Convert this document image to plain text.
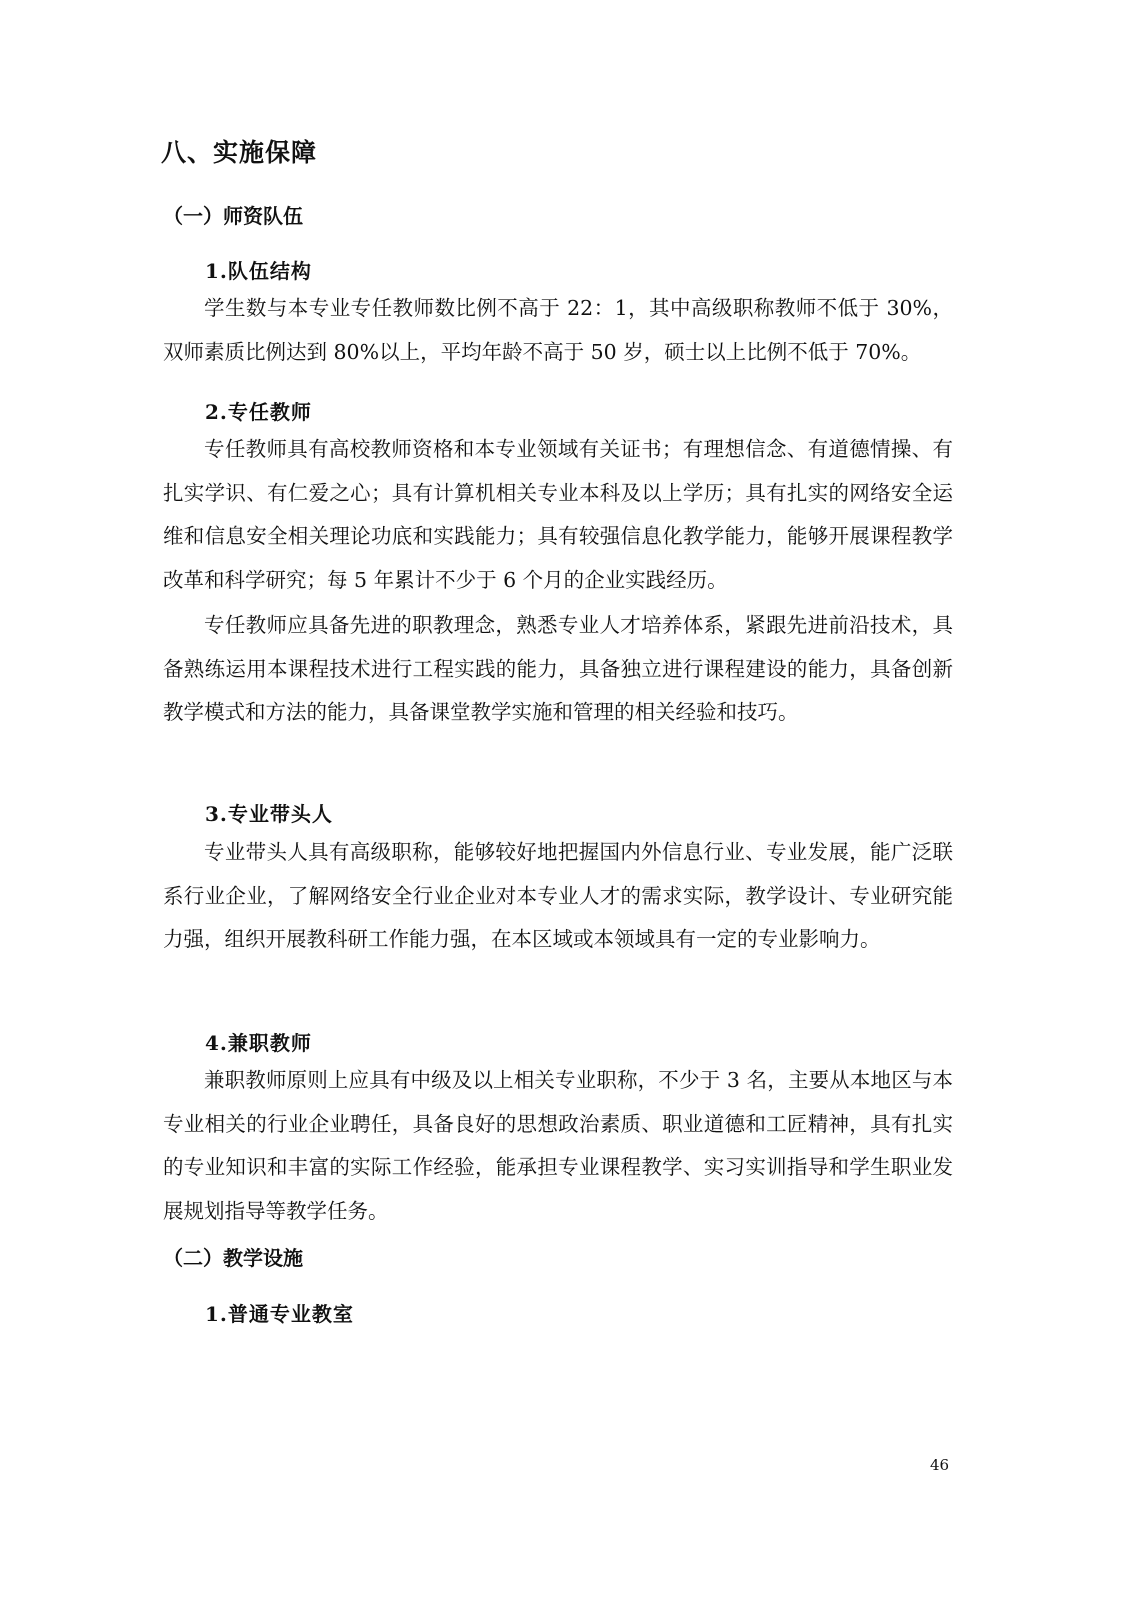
八、实施保障
（一）师资队伍
1.队伍结构

学生数与本专业专任教师数比例不高于 22：1，其中高级职称教师不低于 30%，双师素质比例达到 80%以上，平均年龄不高于 50 岁，硕士以上比例不低于 70%。

2.专任教师

专任教师具有高校教师资格和本专业领域有关证书；有理想信念、有道德情操、有扎实学识、有仁爱之心；具有计算机相关专业本科及以上学历；具有扎实的网络安全运维和信息安全相关理论功底和实践能力；具有较强信息化教学能力，能够开展课程教学改革和科学研究；每 5 年累计不少于 6 个月的企业实践经历。

专任教师应具备先进的职教理念，熟悉专业人才培养体系，紧跟先进前沿技术，具备熟练运用本课程技术进行工程实践的能力，具备独立进行课程建设的能力，具备创新教学模式和方法的能力，具备课堂教学实施和管理的相关经验和技巧。

3.专业带头人

专业带头人具有高级职称，能够较好地把握国内外信息行业、专业发展，能广泛联系行业企业，了解网络安全行业企业对本专业人才的需求实际，教学设计、专业研究能力强，组织开展教科研工作能力强，在本区域或本领域具有一定的专业影响力。

4.兼职教师

兼职教师原则上应具有中级及以上相关专业职称，不少于 3 名，主要从本地区与本专业相关的行业企业聘任，具备良好的思想政治素质、职业道德和工匠精神，具有扎实的专业知识和丰富的实际工作经验，能承担专业课程教学、实习实训指导和学生职业发展规划指导等教学任务。

（二）教学设施
1.普通专业教室

46
